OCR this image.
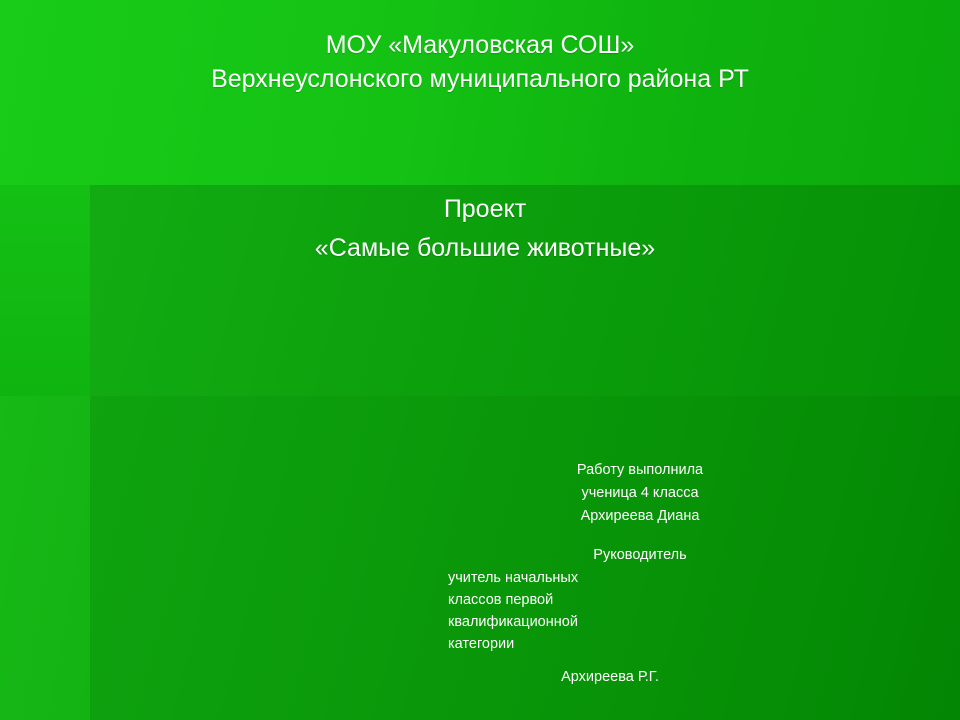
МОУ «Макуловская СОШ»
Верхнеуслонского муниципального района РТ
Проект
«Самые большие животные»

Работу выполнила

ученица 4 класса

Архиреева Диана

Руководитель

учитель начальных

классов первой

квалификационной

категории

Архиреева Р.Г.
